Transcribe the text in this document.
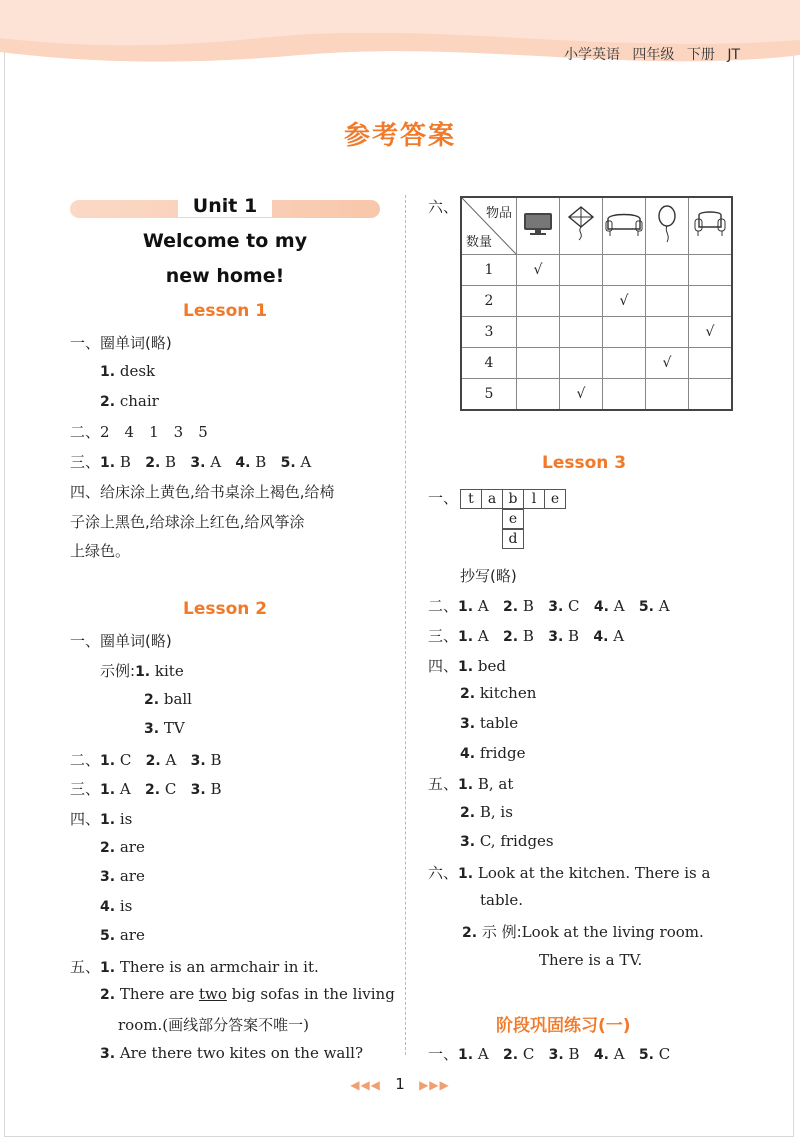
小学英语 四年级 下册 JT
参考答案
Unit 1
Welcome to my
new home!
Lesson 1
一、圈单词(略)
1. desk
2. chair
二、2　4　1　3　5
三、1. B 2. B 3. A 4. B 5. A
四、给床涂上黄色,给书桌涂上褐色,给椅
子涂上黑色,给球涂上红色,给风筝涂
上绿色。
Lesson 2
一、圈单词(略)
示例:1. kite
2. ball
3. TV
二、1. C 2. A 3. B
三、1. A 2. C 3. B
四、1. is
2. are
3. are
4. is
5. are
五、1. There is an armchair in it.
2. There are two big sofas in the living
room.(画线部分答案不唯一)
3. Are there two kites on the wall?
六、 物品
数量

1	√				
2			√		
3					√
4				√	
5		√			
Lesson 3
一、 t	a b	l	e
e
d
抄写(略)
二、1. A 2. B 3. C 4. A 5. A
三、1. A 2. B 3. B 4. A
四、1. bed
2. kitchen
3. table
4. fridge
五、1. B, at
2. B, is
3. C, fridges
六、1. Look at the kitchen. There is a
table.
2. 示 例:Look at the living room.
There is a TV.
阶段巩固练习(一)
一、1. A 2. C 3. B 4. A 5. C
◀◀◀ 1 ▶▶▶
